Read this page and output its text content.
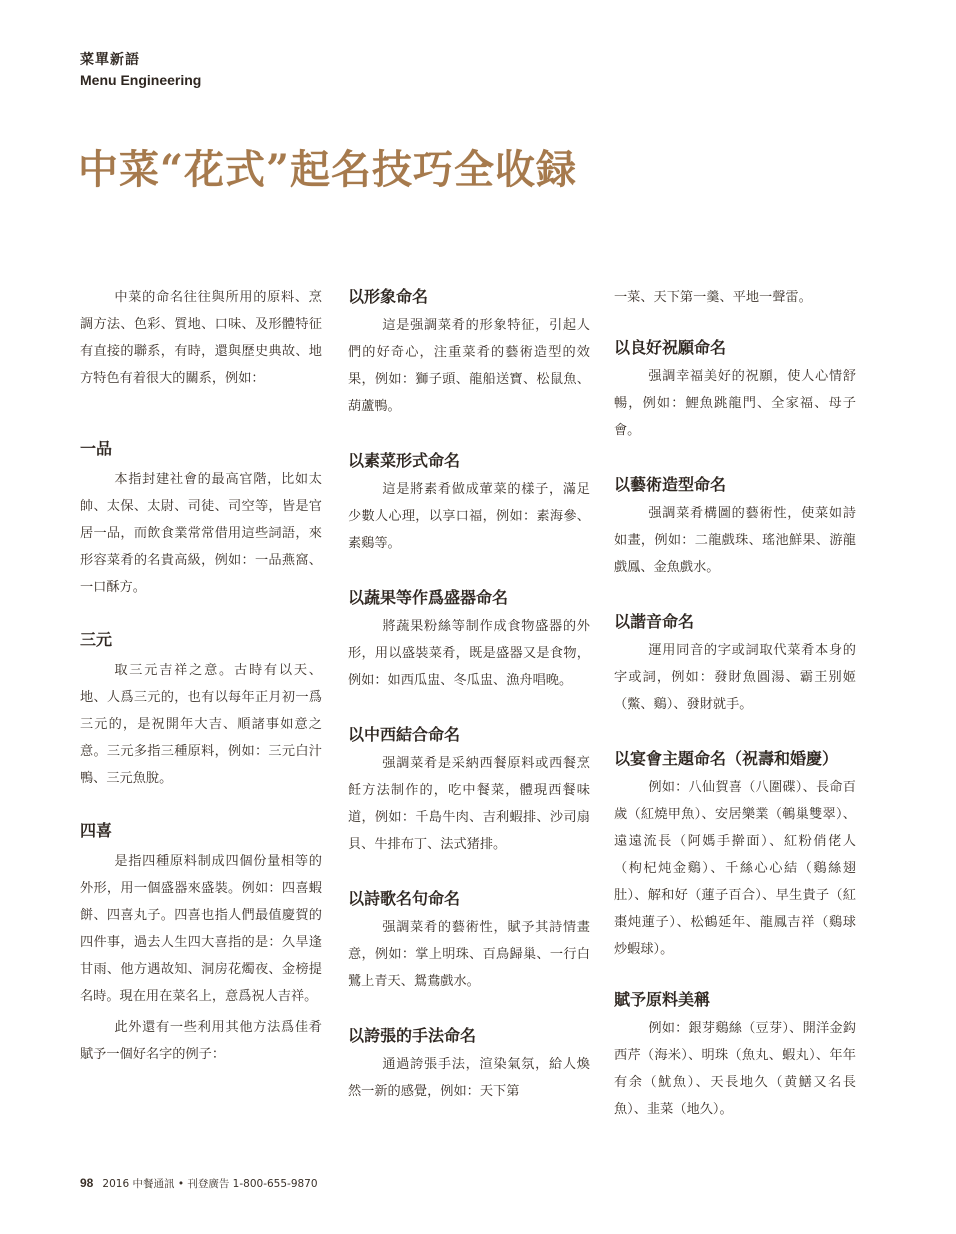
菜單新語
Menu Engineering
中菜“花式”起名技巧全收録

中菜的命名往往與所用的原料、烹調方法、色彩、質地、口味、及形體特征有直接的聯系，有時，還與歷史典故、地方特色有着很大的關系，例如：

一品

本指封建社會的最高官階，比如太帥、太保、太尉、司徒、司空等，皆是官居一品，而飲食業常常借用這些詞語，來形容菜肴的名貴高級，例如：一品燕窩、一口酥方。

三元

取三元吉祥之意。古時有以天、地、人爲三元的，也有以每年正月初一爲三元的，是祝開年大吉、順諸事如意之意。三元多指三種原料，例如：三元白汁鴨、三元魚脫。

四喜

是指四種原料制成四個份量相等的外形，用一個盛器來盛裝。例如：四喜蝦餅、四喜丸子。四喜也指人們最值慶賀的四件事，過去人生四大喜指的是：久旱逢甘雨、他方遇故知、洞房花燭夜、金榜提名時。現在用在菜名上，意爲祝人吉祥。

此外還有一些利用其他方法爲佳肴賦予一個好名字的例子：

以形象命名

這是强調菜肴的形象特征，引起人們的好奇心，注重菜肴的藝術造型的效果，例如：獅子頭、龍船送寶、松鼠魚、葫蘆鴨。

以素菜形式命名

這是將素肴做成葷菜的樣子，滿足少數人心理，以享口福，例如：素海參、素鷄等。

以蔬果等作爲盛器命名

將蔬果粉絲等制作成食物盛器的外形，用以盛裝菜肴，既是盛器又是食物，例如：如西瓜盅、冬瓜盅、漁舟唱晚。

以中西結合命名

强調菜肴是采納西餐原料或西餐烹飪方法制作的，吃中餐菜，體現西餐味道，例如：千島牛肉、吉利蝦排、沙司扇貝、牛排布丁、法式猪排。

以詩歌名句命名

强調菜肴的藝術性，賦予其詩情畫意，例如：掌上明珠、百鳥歸巢、一行白鷺上青天、鴛鴦戲水。

以誇張的手法命名

通過誇張手法，渲染氣氛，給人煥然一新的感覺，例如：天下第

一菜、天下第一羹、平地一聲雷。

以良好祝願命名

强調幸福美好的祝願，使人心情舒暢，例如：鯉魚跳龍門、全家福、母子會。

以藝術造型命名

强調菜肴構圖的藝術性，使菜如詩如畫，例如：二龍戲珠、瑤池鮮果、游龍戲鳳、金魚戲水。

以諧音命名

運用同音的字或詞取代菜肴本身的字或詞，例如：發財魚圓湯、霸王别姬（鱉、鷄）、發財就手。

以宴會主題命名（祝壽和婚慶）

例如：八仙賀喜（八圍碟）、長命百歲（紅燒甲魚）、安居樂業（鵪巢雙翠）、遠遠流長（阿媽手擀面）、紅粉俏佬人（枸杞炖金鷄）、千絲心心結（鷄絲翅肚）、解和好（蓮子百合）、早生貴子（紅棗炖蓮子）、松鶴延年、龍鳳吉祥（鷄球炒蝦球）。

賦予原料美稱

例如：銀芽鷄絲（豆芽）、開洋金鈎西芹（海米）、明珠（魚丸、蝦丸）、年年有余（魷魚）、天長地久（黄鱔又名長魚）、韭菜（地久）。

98 2016 中餐通訊 • 刊登廣告 1-800-655-9870
